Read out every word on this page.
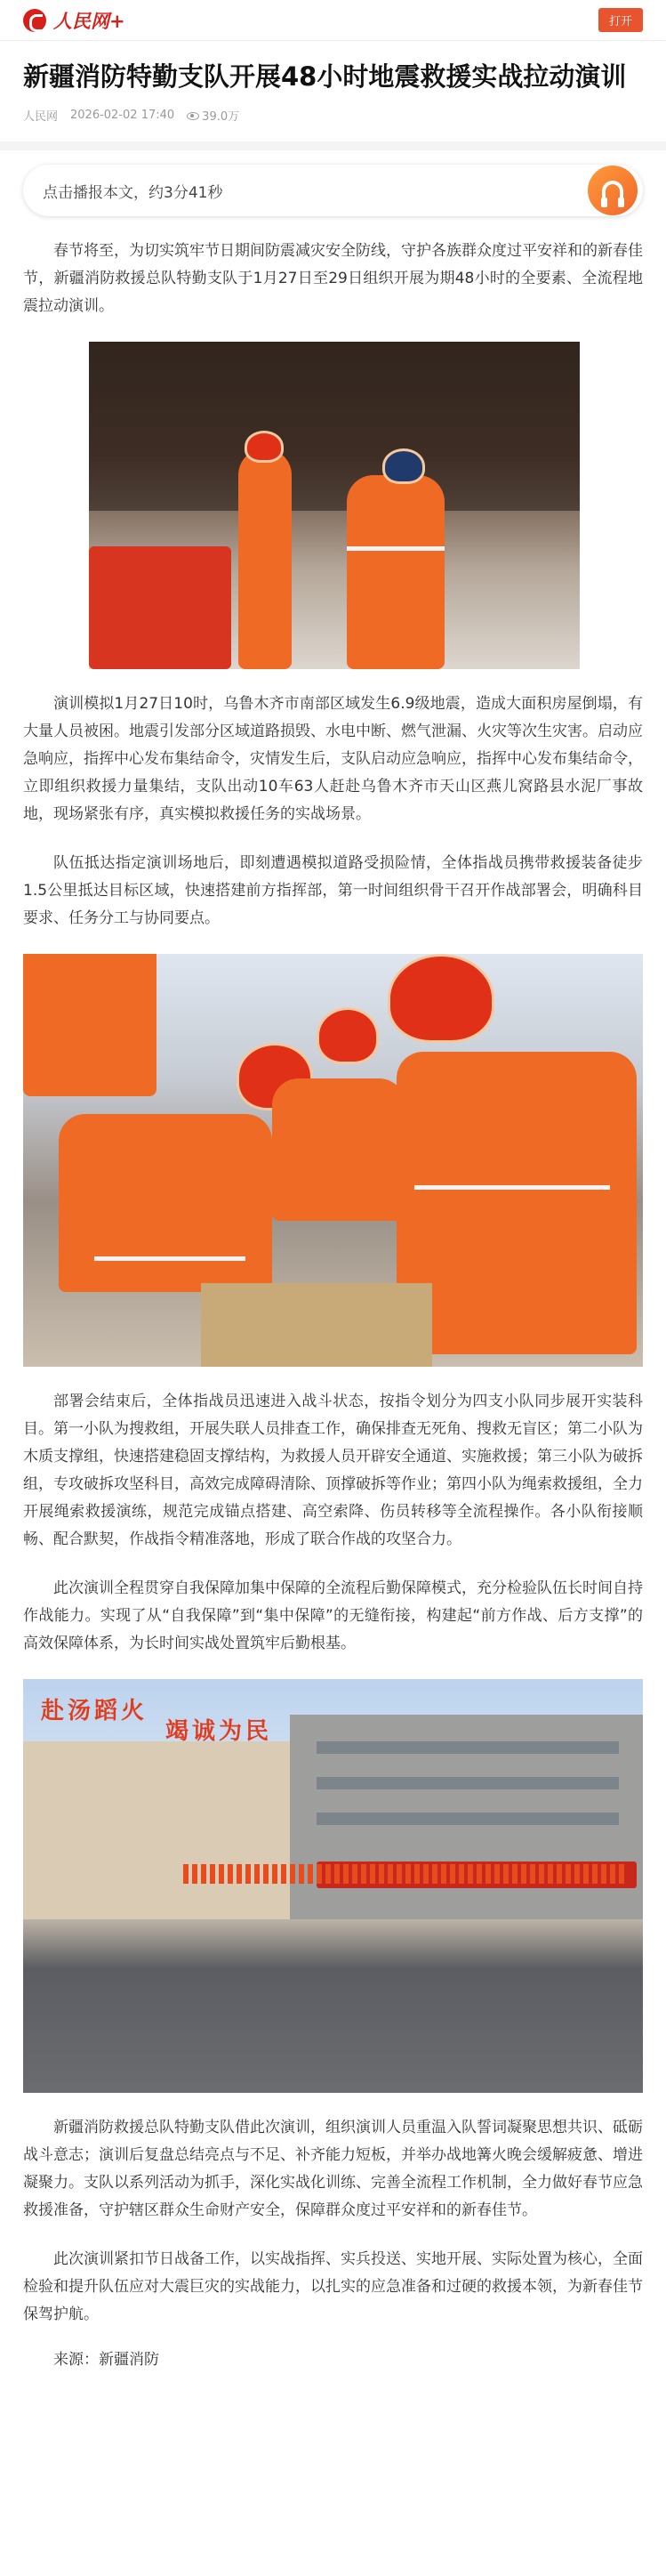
人民网+	打开
新疆消防特勤支队开展48小时地震救援实战拉动演训
人民网 2026-02-02 17:40	39.0万
点击播报本文，约3分41秒

春节将至，为切实筑牢节日期间防震减灾安全防线，守护各族群众度过平安祥和的新春佳节，新疆消防救援总队特勤支队于1月27日至29日组织开展为期48小时的全要素、全流程地震拉动演训。

演训模拟1月27日10时，乌鲁木齐市南部区域发生6.9级地震，造成大面积房屋倒塌，有大量人员被困。地震引发部分区域道路损毁、水电中断、燃气泄漏、火灾等次生灾害。启动应急响应，指挥中心发布集结命令，灾情发生后，支队启动应急响应，指挥中心发布集结命令，立即组织救援力量集结，支队出动10车63人赶赴乌鲁木齐市天山区燕儿窝路县水泥厂事故地，现场紧张有序，真实模拟救援任务的实战场景。

队伍抵达指定演训场地后，即刻遭遇模拟道路受损险情，全体指战员携带救援装备徒步1.5公里抵达目标区域，快速搭建前方指挥部，第一时间组织骨干召开作战部署会，明确科目要求、任务分工与协同要点。

部署会结束后，全体指战员迅速进入战斗状态，按指令划分为四支小队同步展开实装科目。第一小队为搜救组，开展失联人员排查工作，确保排查无死角、搜救无盲区；第二小队为木质支撑组，快速搭建稳固支撑结构，为救援人员开辟安全通道、实施救援；第三小队为破拆组，专攻破拆攻坚科目，高效完成障碍清除、顶撑破拆等作业；第四小队为绳索救援组，全力开展绳索救援演练，规范完成锚点搭建、高空索降、伤员转移等全流程操作。各小队衔接顺畅、配合默契，作战指令精准落地，形成了联合作战的攻坚合力。

此次演训全程贯穿自我保障加集中保障的全流程后勤保障模式，充分检验队伍长时间自持作战能力。实现了从“自我保障”到“集中保障”的无缝衔接，构建起“前方作战、后方支撑”的高效保障体系，为长时间实战处置筑牢后勤根基。

赴汤蹈火
竭诚为民

新疆消防救援总队特勤支队借此次演训，组织演训人员重温入队誓词凝聚思想共识、砥砺战斗意志；演训后复盘总结亮点与不足、补齐能力短板，并举办战地篝火晚会缓解疲惫、增进凝聚力。支队以系列活动为抓手，深化实战化训练、完善全流程工作机制，全力做好春节应急救援准备，守护辖区群众生命财产安全，保障群众度过平安祥和的新春佳节。

此次演训紧扣节日战备工作，以实战指挥、实兵投送、实地开展、实际处置为核心，全面检验和提升队伍应对大震巨灾的实战能力，以扎实的应急准备和过硬的救援本领，为新春佳节保驾护航。

来源：新疆消防
